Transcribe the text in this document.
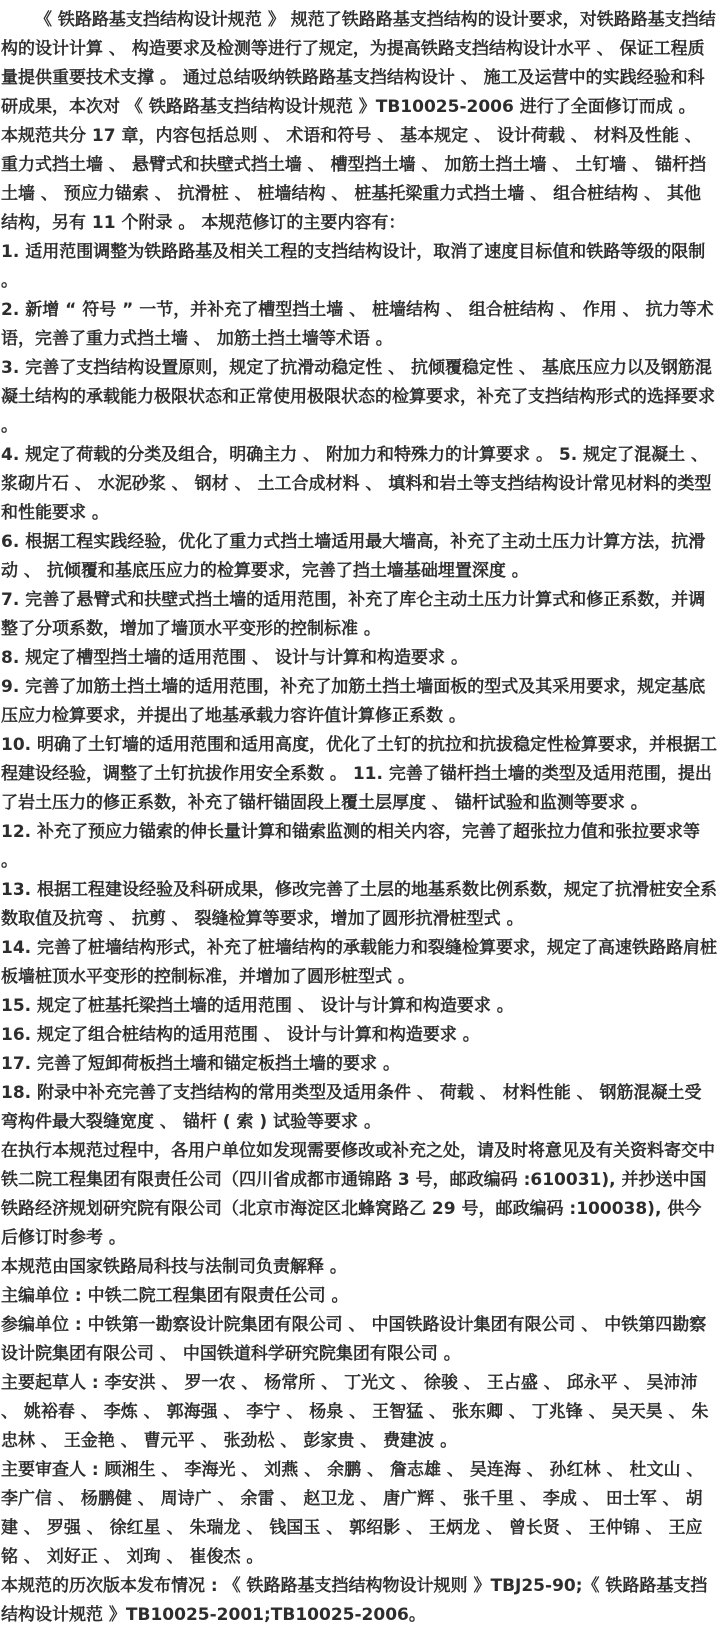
《 铁路路基支挡结构设计规范 》 规范了铁路路基支挡结构的设计要求，对铁路路基支挡结构的设计计算 、 构造要求及检测等进行了规定，为提高铁路支挡结构设计水平 、 保证工程质量提供重要技术支撑 。 通过总结吸纳铁路路基支挡结构设计 、 施工及运营中的实践经验和科研成果，本次对 《 铁路路基支挡结构设计规范 》TB10025-2006 进行了全面修订而成 。

本规范共分 17 章，内容包括总则 、 术语和符号 、 基本规定 、 设计荷载 、 材料及性能 、 重力式挡土墙 、 悬臂式和扶壁式挡土墙 、 槽型挡土墙 、 加筋土挡土墙 、 土钉墙 、 锚杆挡土墙 、 预应力锚索 、 抗滑桩 、 桩墙结构 、 桩基托梁重力式挡土墙 、 组合桩结构 、 其他结构，另有 11 个附录 。 本规范修订的主要内容有：

1. 适用范围调整为铁路路基及相关工程的支挡结构设计，取消了速度目标值和铁路等级的限制 。

2. 新增 “ 符号 ” 一节，并补充了槽型挡土墙 、 桩墙结构 、 组合桩结构 、 作用 、 抗力等术语，完善了重力式挡土墙 、 加筋土挡土墙等术语 。

3. 完善了支挡结构设置原则，规定了抗滑动稳定性 、 抗倾覆稳定性 、 基底压应力以及钢筋混凝土结构的承载能力极限状态和正常使用极限状态的检算要求，补充了支挡结构形式的选择要求 。

4. 规定了荷载的分类及组合，明确主力 、 附加力和特殊力的计算要求 。 5. 规定了混凝土 、 浆砌片石 、 水泥砂浆 、 钢材 、 土工合成材料 、 填料和岩土等支挡结构设计常见材料的类型和性能要求 。

6. 根据工程实践经验，优化了重力式挡土墙适用最大墙高，补充了主动土压力计算方法，抗滑动 、 抗倾覆和基底压应力的检算要求，完善了挡土墙基础埋置深度 。

7. 完善了悬臂式和扶壁式挡土墙的适用范围，补充了库仑主动土压力计算式和修正系数，并调整了分项系数，增加了墙顶水平变形的控制标准 。

8. 规定了槽型挡土墙的适用范围 、 设计与计算和构造要求 。

9. 完善了加筋土挡土墙的适用范围，补充了加筋土挡土墙面板的型式及其采用要求，规定基底压应力检算要求，并提出了地基承载力容许值计算修正系数 。

10. 明确了土钉墙的适用范围和适用高度，优化了土钉的抗拉和抗拔稳定性检算要求，并根据工程建设经验，调整了土钉抗拔作用安全系数 。 11. 完善了锚杆挡土墙的类型及适用范围，提出了岩土压力的修正系数，补充了锚杆锚固段上覆土层厚度 、 锚杆试验和监测等要求 。

12. 补充了预应力锚索的伸长量计算和锚索监测的相关内容，完善了超张拉力值和张拉要求等 。

13. 根据工程建设经验及科研成果，修改完善了土层的地基系数比例系数，规定了抗滑桩安全系数取值及抗弯 、 抗剪 、 裂缝检算等要求，增加了圆形抗滑桩型式 。

14. 完善了桩墙结构形式，补充了桩墙结构的承载能力和裂缝检算要求，规定了高速铁路路肩桩板墙桩顶水平变形的控制标准，并增加了圆形桩型式 。

15. 规定了桩基托梁挡土墙的适用范围 、 设计与计算和构造要求 。

16. 规定了组合桩结构的适用范围 、 设计与计算和构造要求 。

17. 完善了短卸荷板挡土墙和锚定板挡土墙的要求 。

18. 附录中补充完善了支挡结构的常用类型及适用条件 、 荷载 、 材料性能 、 钢筋混凝土受弯构件最大裂缝宽度 、 锚杆 ( 索 ) 试验等要求 。

在执行本规范过程中，各用户单位如发现需要修改或补充之处，请及时将意见及有关资料寄交中铁二院工程集团有限责任公司（四川省成都市通锦路 3 号，邮政编码 :610031), 并抄送中国铁路经济规划研究院有限公司（北京市海淀区北蜂窝路乙 29 号，邮政编码 :100038), 供今后修订时参考 。

本规范由国家铁路局科技与法制司负责解释 。

主编单位 : 中铁二院工程集团有限责任公司 。

参编单位 : 中铁第一勘察设计院集团有限公司 、 中国铁路设计集团有限公司 、 中铁第四勘察设计院集团有限公司 、 中国铁道科学研究院集团有限公司 。

主要起草人 : 李安洪 、 罗一农 、 杨常所 、 丁光文 、 徐骏 、 王占盛 、 邱永平 、 吴沛沛 、 姚裕春 、 李炼 、 郭海强 、 李宁 、 杨泉 、 王智猛 、 张东卿 、 丁兆锋 、 吴天昊 、 朱忠林 、 王金艳 、 曹元平 、 张劲松 、 彭家贵 、 费建波 。

主要审查人 : 顾湘生 、 李海光 、 刘燕 、 余鹏 、 詹志雄 、 吴连海 、 孙红林 、 杜文山 、 李广信 、 杨鹏健 、 周诗广 、 余雷 、 赵卫龙 、 唐广辉 、 张千里 、 李成 、 田士军 、 胡建 、 罗强 、 徐红星 、 朱瑞龙 、 钱国玉 、 郭绍影 、 王炳龙 、 曾长贤 、 王仲锦 、 王应铭 、 刘好正 、 刘珣 、 崔俊杰 。

本规范的历次版本发布情况 : 《 铁路路基支挡结构物设计规则 》TBJ25-90;《 铁路路基支挡结构设计规范 》TB10025-2001;TB10025-2006。
